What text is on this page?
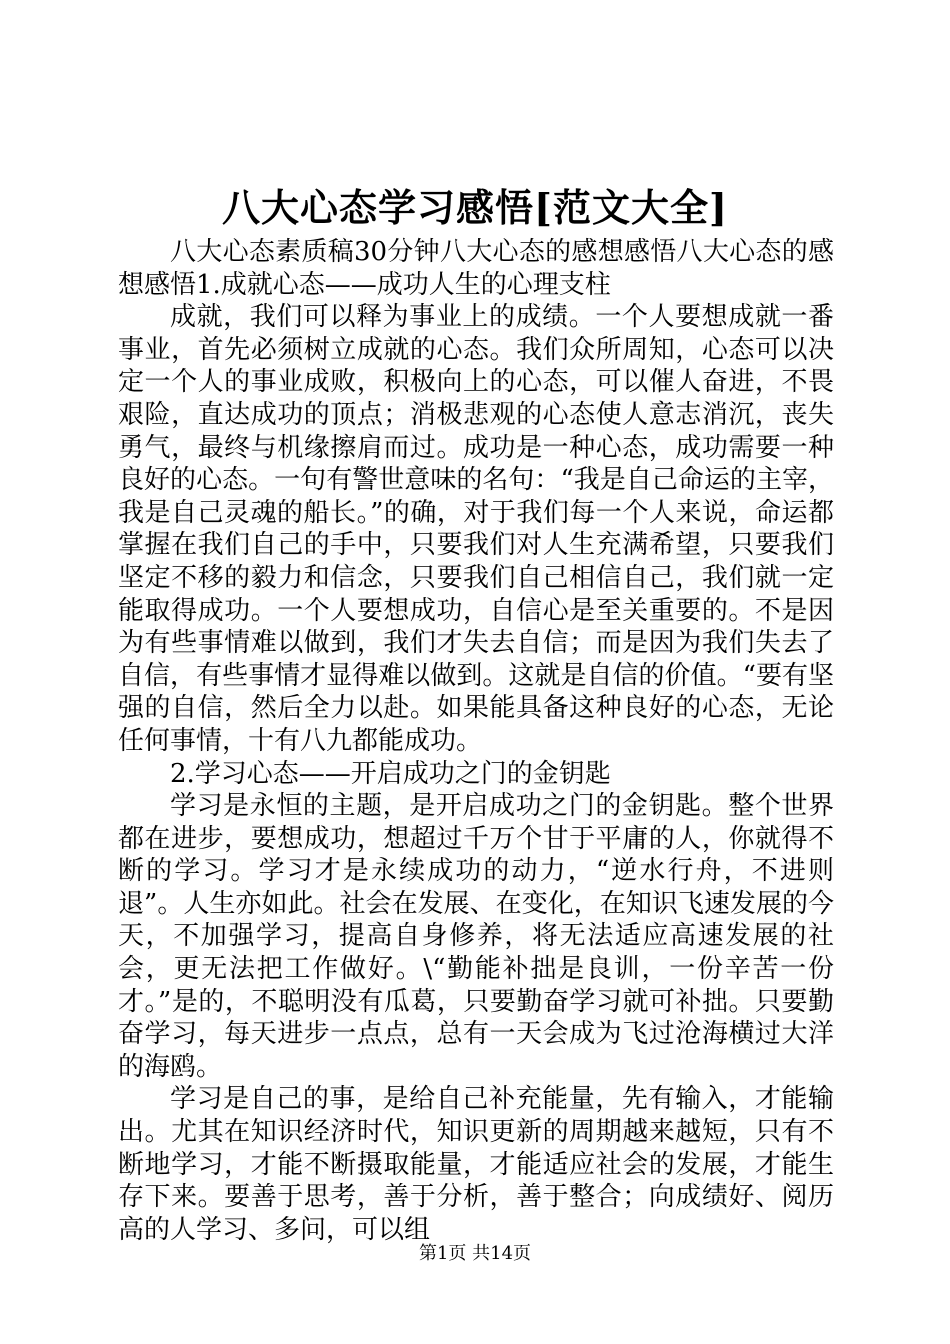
八大心态学习感悟[范文大全]

八大心态素质稿30分钟八大心态的感想感悟八大心态的感想感悟1.成就心态——成功人生的心理支柱

成就，我们可以释为事业上的成绩。一个人要想成就一番事业，首先必须树立成就的心态。我们众所周知，心态可以决定一个人的事业成败，积极向上的心态，可以催人奋进，不畏艰险，直达成功的顶点；消极悲观的心态使人意志消沉，丧失勇气，最终与机缘擦肩而过。成功是一种心态，成功需要一种良好的心态。一句有警世意味的名句：“我是自己命运的主宰，我是自己灵魂的船长。”的确，对于我们每一个人来说，命运都掌握在我们自己的手中，只要我们对人生充满希望，只要我们坚定不移的毅力和信念，只要我们自己相信自己，我们就一定能取得成功。一个人要想成功，自信心是至关重要的。不是因为有些事情难以做到，我们才失去自信；而是因为我们失去了自信，有些事情才显得难以做到。这就是自信的价值。“要有坚强的自信，然后全力以赴。如果能具备这种良好的心态，无论任何事情，十有八九都能成功。

2.学习心态——开启成功之门的金钥匙

学习是永恒的主题，是开启成功之门的金钥匙。整个世界都在进步，要想成功，想超过千万个甘于平庸的人，你就得不断的学习。学习才是永续成功的动力，“逆水行舟，不进则退”。人生亦如此。社会在发展、在变化，在知识飞速发展的今天，不加强学习，提高自身修养，将无法适应高速发展的社会，更无法把工作做好。\“勤能补拙是良训，一份辛苦一份才。”是的，不聪明没有瓜葛，只要勤奋学习就可补拙。只要勤奋学习，每天进步一点点，总有一天会成为飞过沧海横过大洋的海鸥。

学习是自己的事，是给自己补充能量，先有输入，才能输出。尤其在知识经济时代，知识更新的周期越来越短，只有不断地学习，才能不断摄取能量，才能适应社会的发展，才能生存下来。要善于思考，善于分析，善于整合；向成绩好、阅历高的人学习、多问，可以组

第1页 共14页
